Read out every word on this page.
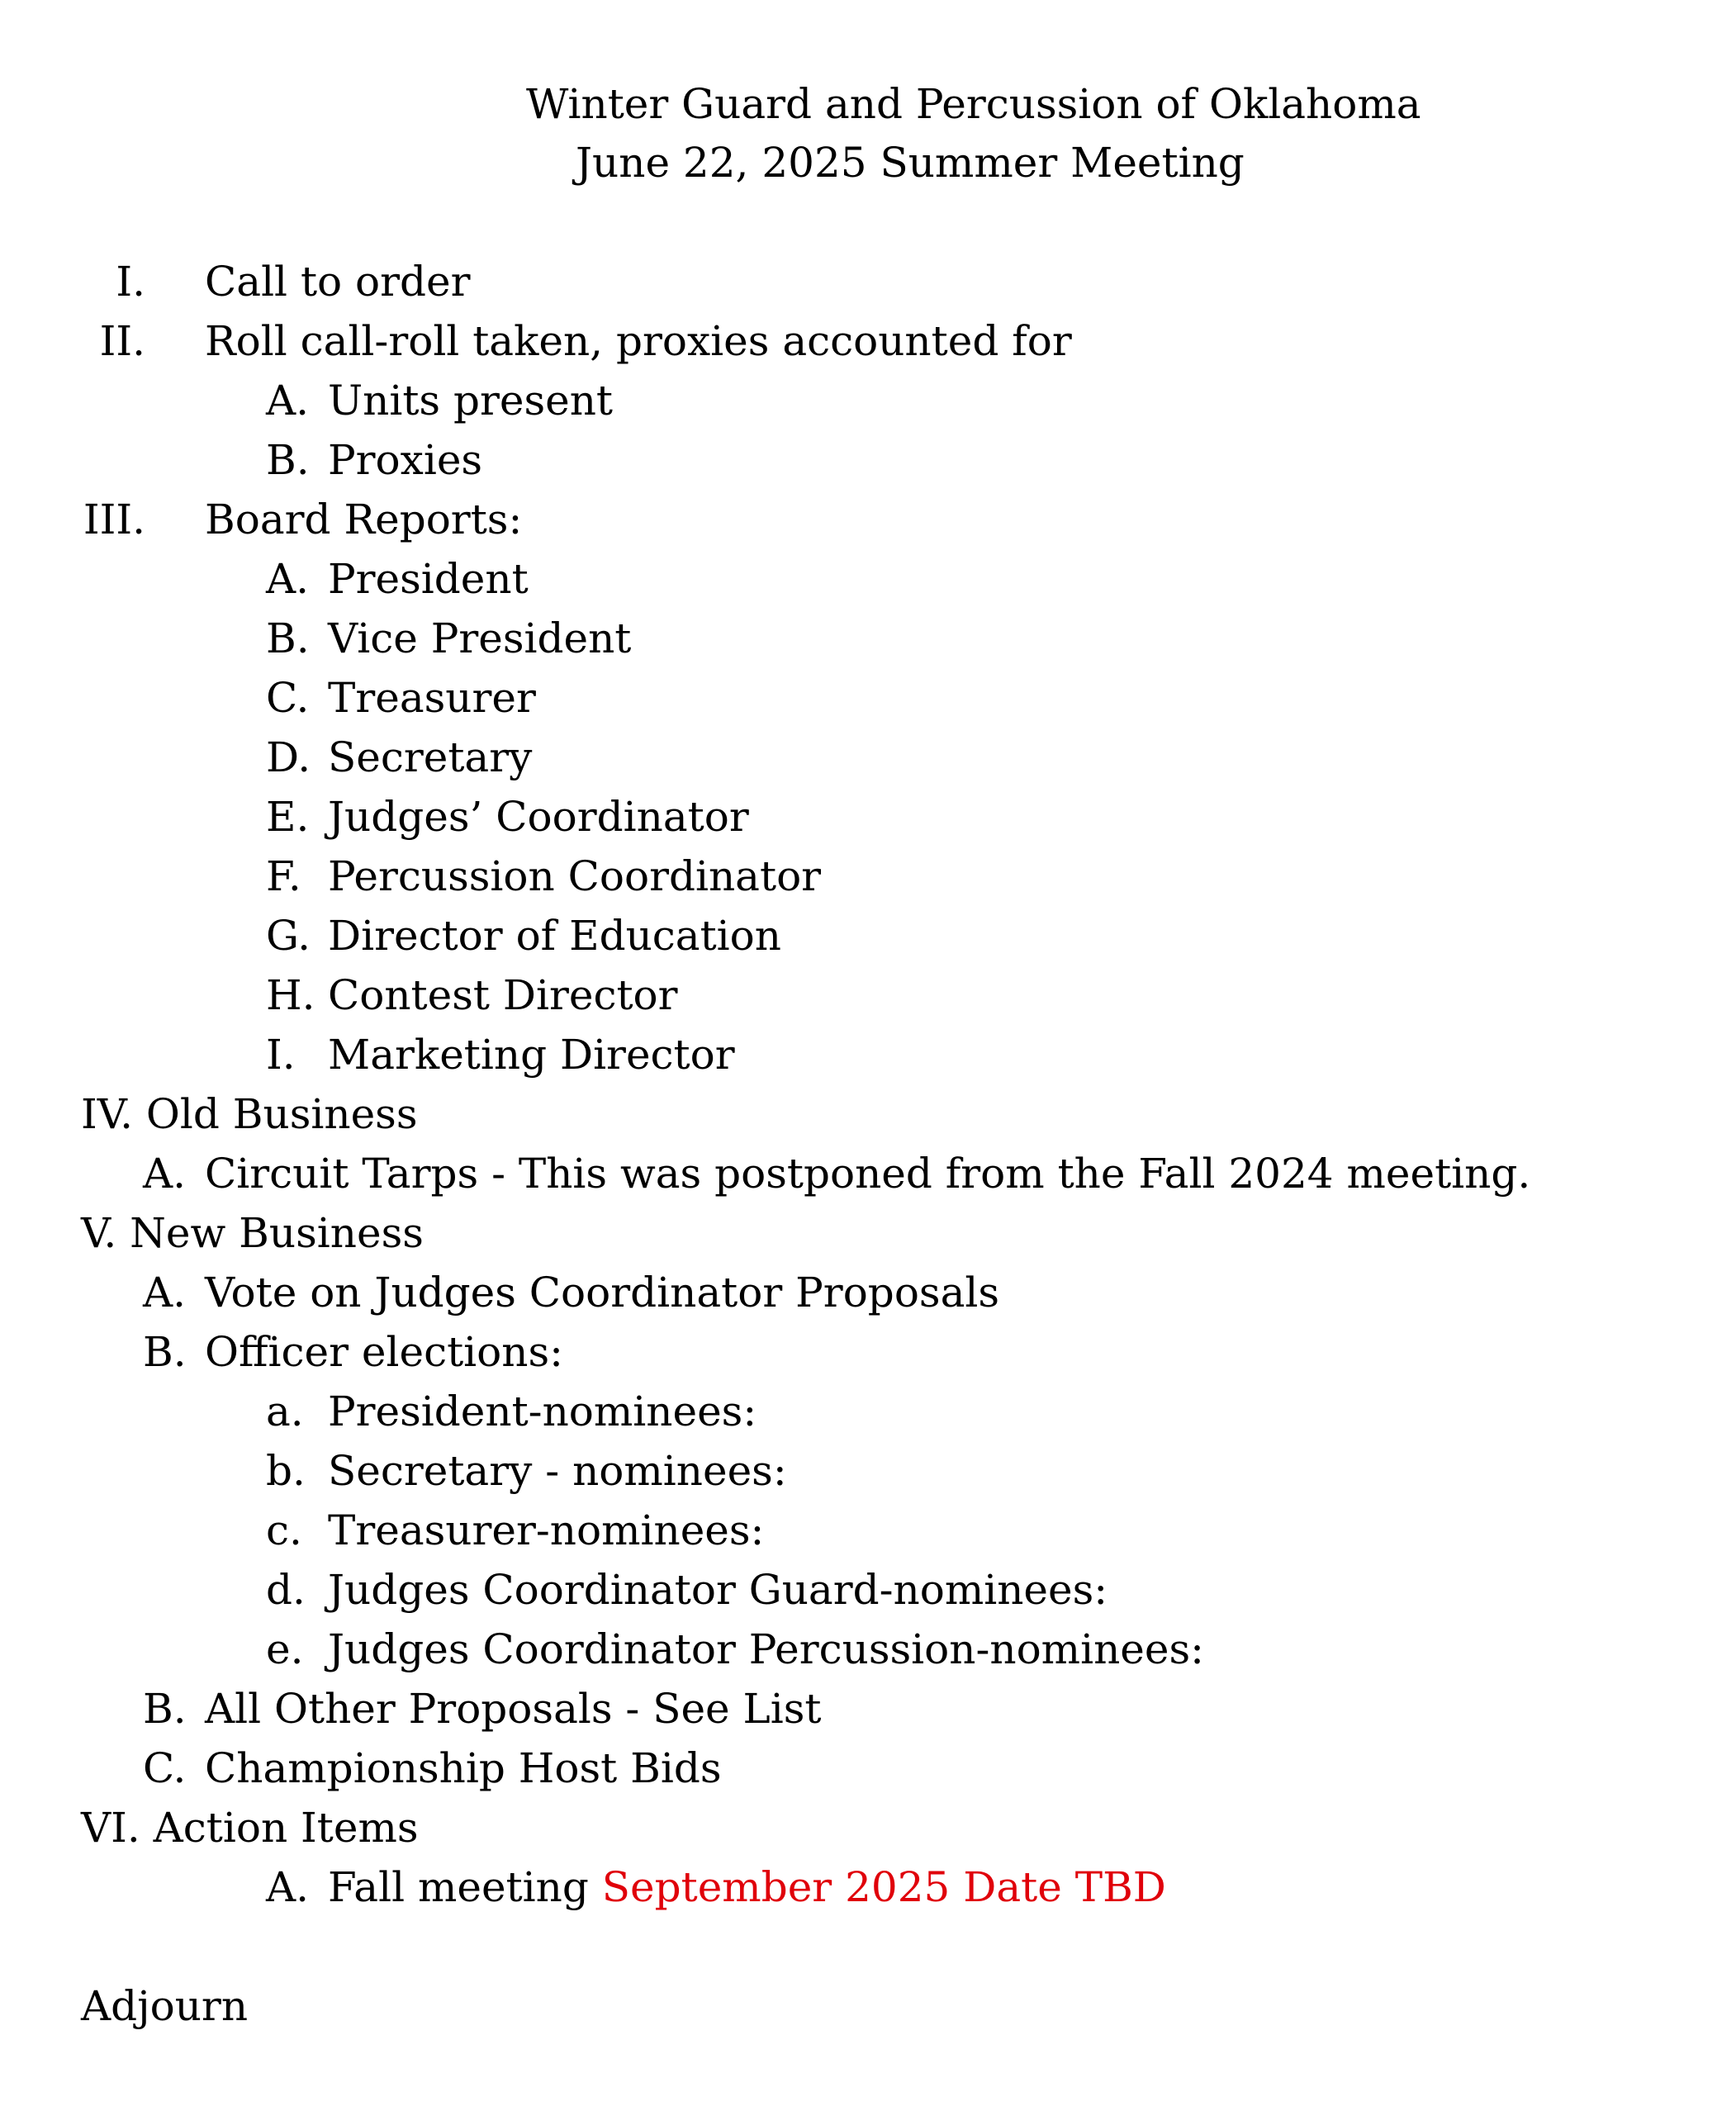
Winter Guard and Percussion of Oklahoma
June 22, 2025 Summer Meeting
I. Call to order
II. Roll call-roll taken, proxies accounted for
A. Units present
B. Proxies
III. Board Reports:
A. President
B. Vice President
C. Treasurer
D. Secretary
E. Judges’ Coordinator
F. Percussion Coordinator
G. Director of Education
H. Contest Director
I. Marketing Director
IV. Old Business
A. Circuit Tarps - This was postponed from the Fall 2024 meeting.
V. New Business
A. Vote on Judges Coordinator Proposals
B. Officer elections:
a. President-nominees:
b. Secretary - nominees:
c. Treasurer-nominees:
d. Judges Coordinator Guard-nominees:
e. Judges Coordinator Percussion-nominees:
B. All Other Proposals - See List
C. Championship Host Bids
VI. Action Items
A. Fall meeting September 2025 Date TBD
Adjourn
